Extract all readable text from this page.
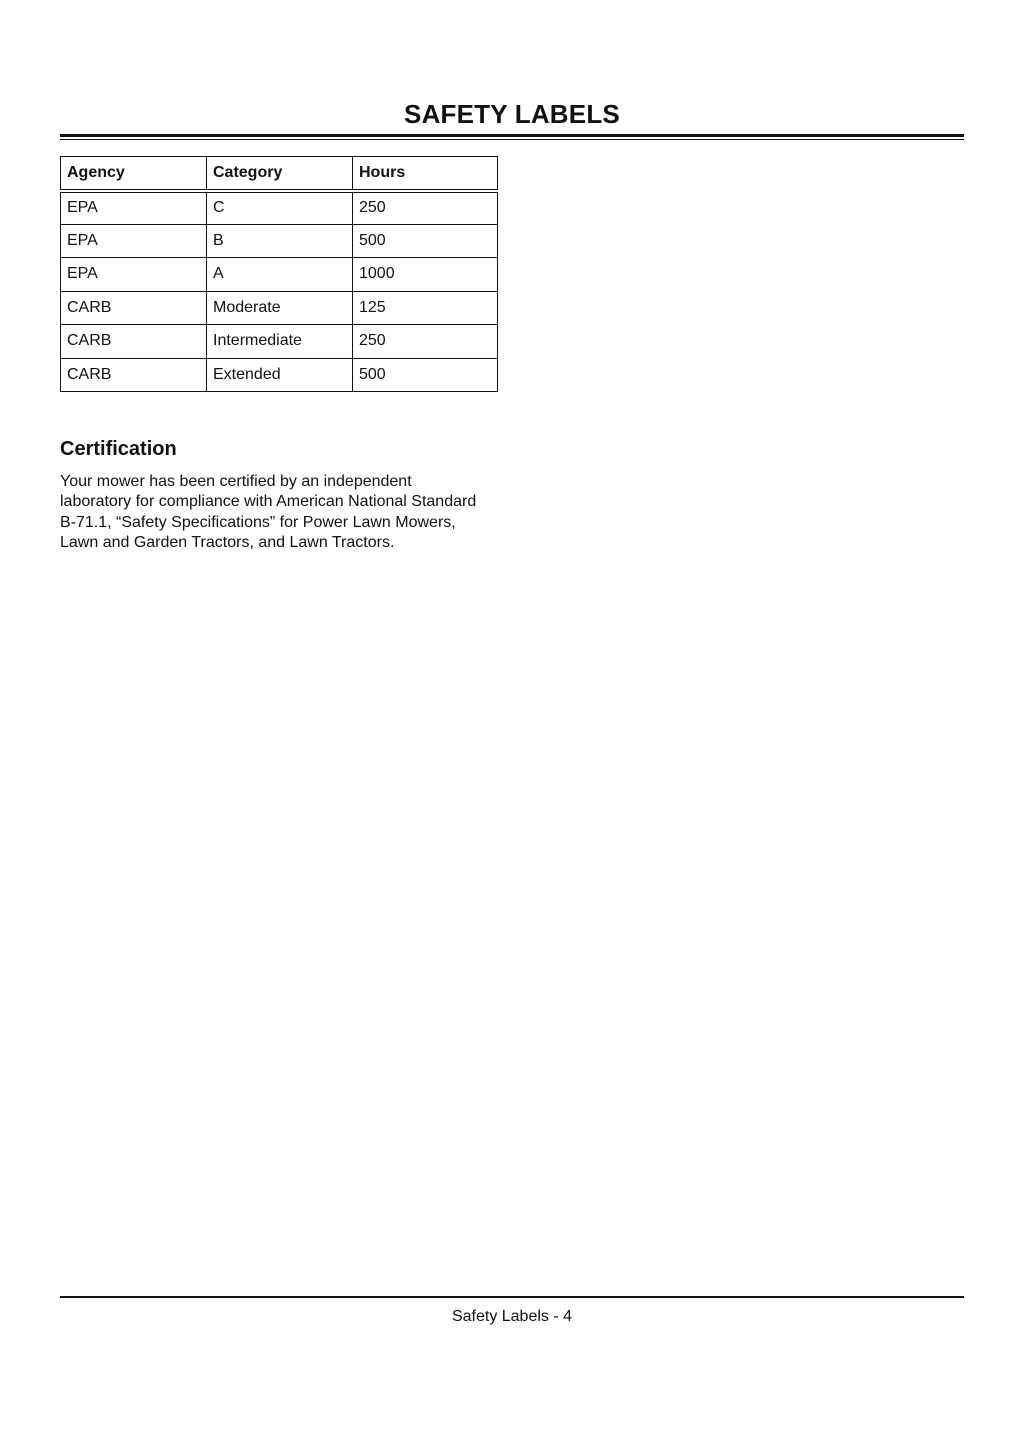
SAFETY LABELS
Agency	Category	Hours
EPA	C	250
EPA	B	500
EPA	A	1000
CARB	Moderate	125
CARB	Intermediate	250
CARB	Extended	500
Certification
Your mower has been certified by an independent
laboratory for compliance with American National Standard
B-71.1, “Safety Specifications” for Power Lawn Mowers,
Lawn and Garden Tractors, and Lawn Tractors.
Safety Labels - 4
